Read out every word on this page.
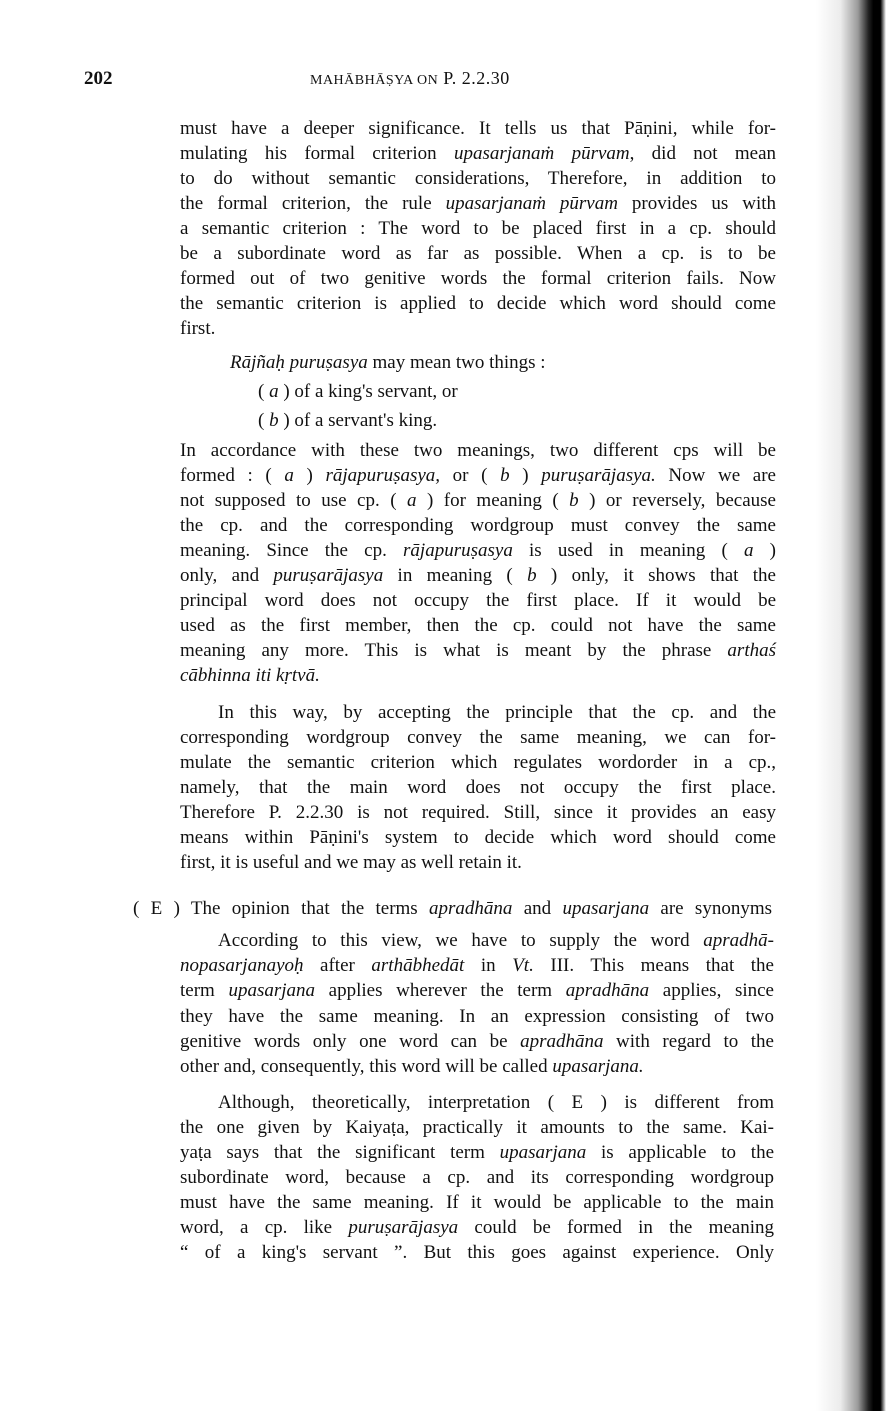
202	MAHĀBHĀṢYA ON P. 2.2.30
must have a deeper significance. It tells us that Pāṇini, while for-
mulating his formal criterion upasarjanaṁ pūrvam, did not mean
to do without semantic considerations, Therefore, in addition to
the formal criterion, the rule upasarjanaṁ pūrvam provides us with
a semantic criterion : The word to be placed first in a cp. should
be a subordinate word as far as possible. When a cp. is to be
formed out of two genitive words the formal criterion fails. Now
the semantic criterion is applied to decide which word should come
first.
Rājñaḥ puruṣasya may mean two things :
( a ) of a king's servant, or
( b ) of a servant's king.
In accordance with these two meanings, two different cps will be
formed : ( a ) rājapuruṣasya, or ( b ) puruṣarājasya. Now we are
not supposed to use cp. ( a ) for meaning ( b ) or reversely, because
the cp. and the corresponding wordgroup must convey the same
meaning. Since the cp. rājapuruṣasya is used in meaning ( a )
only, and puruṣarājasya in meaning ( b ) only, it shows that the
principal word does not occupy the first place. If it would be
used as the first member, then the cp. could not have the same
meaning any more. This is what is meant by the phrase arthaś
cābhinna iti kṛtvā.
In this way, by accepting the principle that the cp. and the
corresponding wordgroup convey the same meaning, we can for-
mulate the semantic criterion which regulates wordorder in a cp.,
namely, that the main word does not occupy the first place.
Therefore P. 2.2.30 is not required. Still, since it provides an easy
means within Pāṇini's system to decide which word should come
first, it is useful and we may as well retain it.
( E ) The opinion that the terms apradhāna and upasarjana are synonyms
According to this view, we have to supply the word apradhā-
nopasarjanayoḥ after arthābhedāt in Vt. III. This means that the
term upasarjana applies wherever the term apradhāna applies, since
they have the same meaning. In an expression consisting of two
genitive words only one word can be apradhāna with regard to the
other and, consequently, this word will be called upasarjana.
Although, theoretically, interpretation ( E ) is different from
the one given by Kaiyaṭa, practically it amounts to the same. Kai-
yaṭa says that the significant term upasarjana is applicable to the
subordinate word, because a cp. and its corresponding wordgroup
must have the same meaning. If it would be applicable to the main
word, a cp. like puruṣarājasya could be formed in the meaning
“ of a king's servant ”. But this goes against experience. Only
